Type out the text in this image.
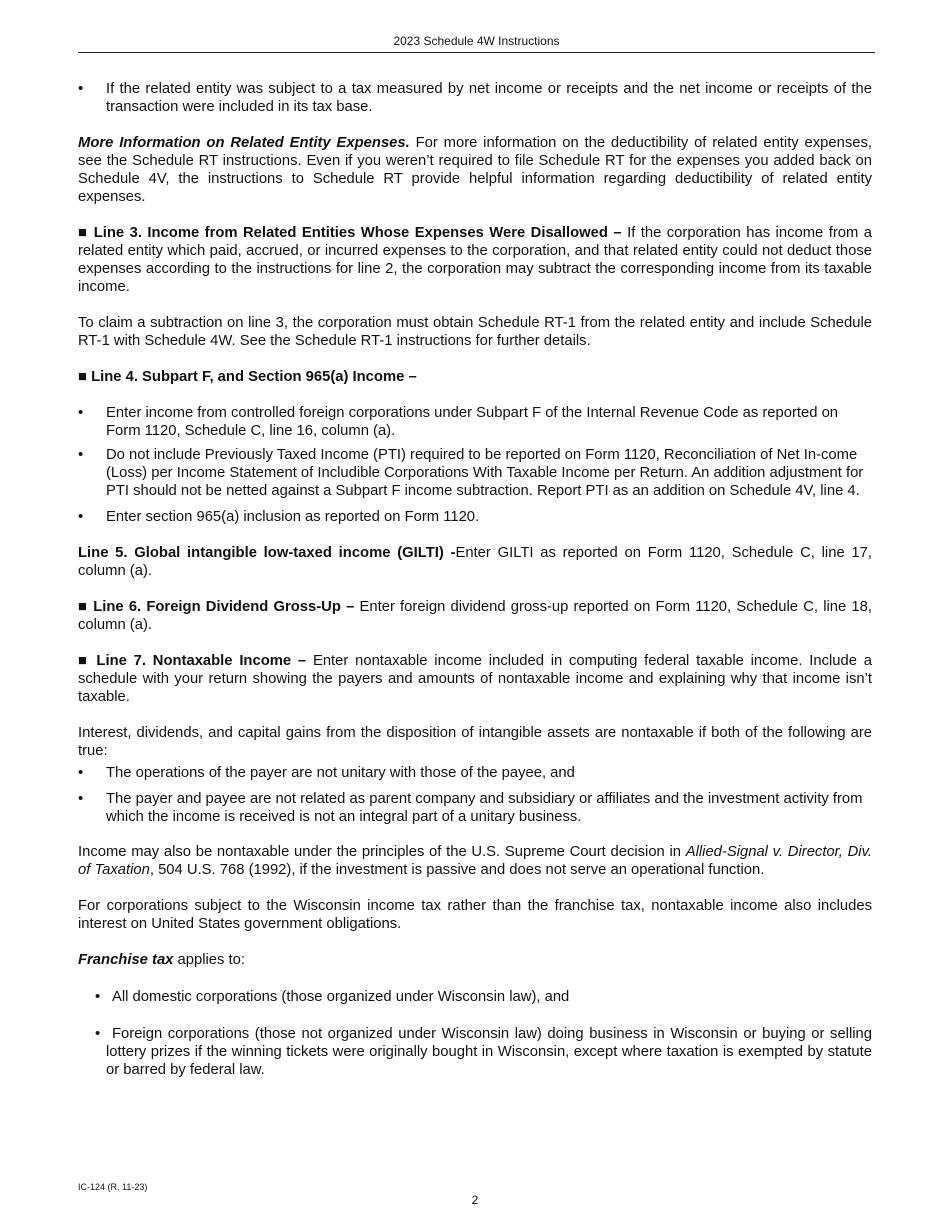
2023 Schedule 4W Instructions
•	If the related entity was subject to a tax measured by net income or receipts and the net income or receipts of the transaction were included in its tax base.

More Information on Related Entity Expenses. For more information on the deductibility of related entity expenses, see the Schedule RT instructions. Even if you weren’t required to file Schedule RT for the expenses you added back on Schedule 4V, the instructions to Schedule RT provide helpful information regarding deductibility of related entity expenses.

■ Line 3. Income from Related Entities Whose Expenses Were Disallowed – If the corporation has income from a related entity which paid, accrued, or incurred expenses to the corporation, and that related entity could not deduct those expenses according to the instructions for line 2, the corporation may subtract the corresponding income from its taxable income.

To claim a subtraction on line 3, the corporation must obtain Schedule RT-1 from the related entity and include Schedule RT-1 with Schedule 4W. See the Schedule RT-1 instructions for further details.

■ Line 4. Subpart F, and Section 965(a) Income –

•	Enter income from controlled foreign corporations under Subpart F of the Internal Revenue Code as reported on Form 1120, Schedule C, line 16, column (a).

•	Do not include Previously Taxed Income (PTI) required to be reported on Form 1120, Reconciliation of Net In-come (Loss) per Income Statement of Includible Corporations With Taxable Income per Return. An addition adjustment for PTI should not be netted against a Subpart F income subtraction. Report PTI as an addition on Schedule 4V, line 4.

•	Enter section 965(a) inclusion as reported on Form 1120.

Line 5. Global intangible low-taxed income (GILTI) -Enter GILTI as reported on Form 1120, Schedule C, line 17, column (a).

■ Line 6. Foreign Dividend Gross-Up – Enter foreign dividend gross-up reported on Form 1120, Schedule C, line 18, column (a).

■ Line 7. Nontaxable Income – Enter nontaxable income included in computing federal taxable income. Include a schedule with your return showing the payers and amounts of nontaxable income and explaining why that income isn’t taxable.

Interest, dividends, and capital gains from the disposition of intangible assets are nontaxable if both of the following are true:

•	The operations of the payer are not unitary with those of the payee, and

•	The payer and payee are not related as parent company and subsidiary or affiliates and the investment activity from which the income is received is not an integral part of a unitary business.

Income may also be nontaxable under the principles of the U.S. Supreme Court decision in Allied-Signal v. Director, Div. of Taxation, 504 U.S. 768 (1992), if the investment is passive and does not serve an operational function.

For corporations subject to the Wisconsin income tax rather than the franchise tax, nontaxable income also includes interest on United States government obligations.

Franchise tax applies to:

• All domestic corporations (those organized under Wisconsin law), and

• Foreign corporations (those not organized under Wisconsin law) doing business in Wisconsin or buying or selling lottery prizes if the winning tickets were originally bought in Wisconsin, except where taxation is exempted by statute or barred by federal law.

IC-124 (R. 11-23)
2
